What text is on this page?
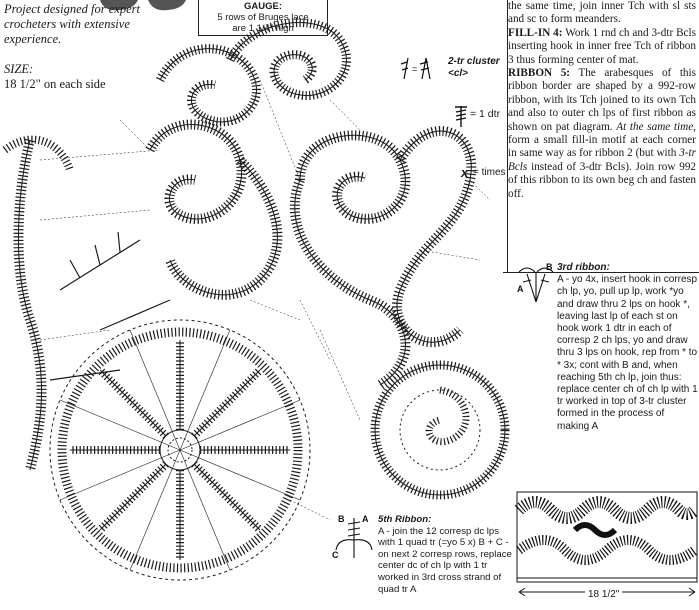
Project designed for expert crocheters with extensive experience.
SIZE:
18 1/2" on each side
GAUGE:
5 rows of Bruges lace
are 1 1/4" high
=
2-tr cluster <cl>
= 1 dtr
x = times

the same time, join inner Tch with sl sts and sc to form meanders.

FILL-IN 4: Work 1 rnd ch and 3-dtr Bcls inserting hook in inner free Tch of ribbon 3 thus forming center of mat.

RIBBON 5: The arabesques of this ribbon border are shaped by a 992-row ribbon, with its Tch joined to its own Tch and also to outer ch lps of first ribbon as shown on pat diagram. At the same time, form a small fill-in motif at each corner in same way as for ribbon 2 (but with 3-tr Bcls instead of 3-dtr Bcls). Join row 992 of this ribbon to its own beg ch and fasten off.

A
B 3rd ribbon:
A - yo 4x, insert hook in corresp ch lp, yo, pull up lp, work *yo and draw thru 2 lps on hook *, leaving last lp of each st on hook work 1 dtr in each of corresp 2 ch lps, yo and draw thru 3 lps on hook, rep from * to * 3x; cont with B and, when reaching 5th ch lp, join thus: replace center ch of ch lp with 1 tr worked in top of 3-tr cluster formed in the process of making A
B A
C
5th Ribbon:
A - join the 12 corresp dc lps with 1 quad tr (=yo 5 x) B + C - on next 2 corresp rows, replace center dc of ch lp with 1 tr worked in 3rd cross strand of quad tr A	18 1/2"
